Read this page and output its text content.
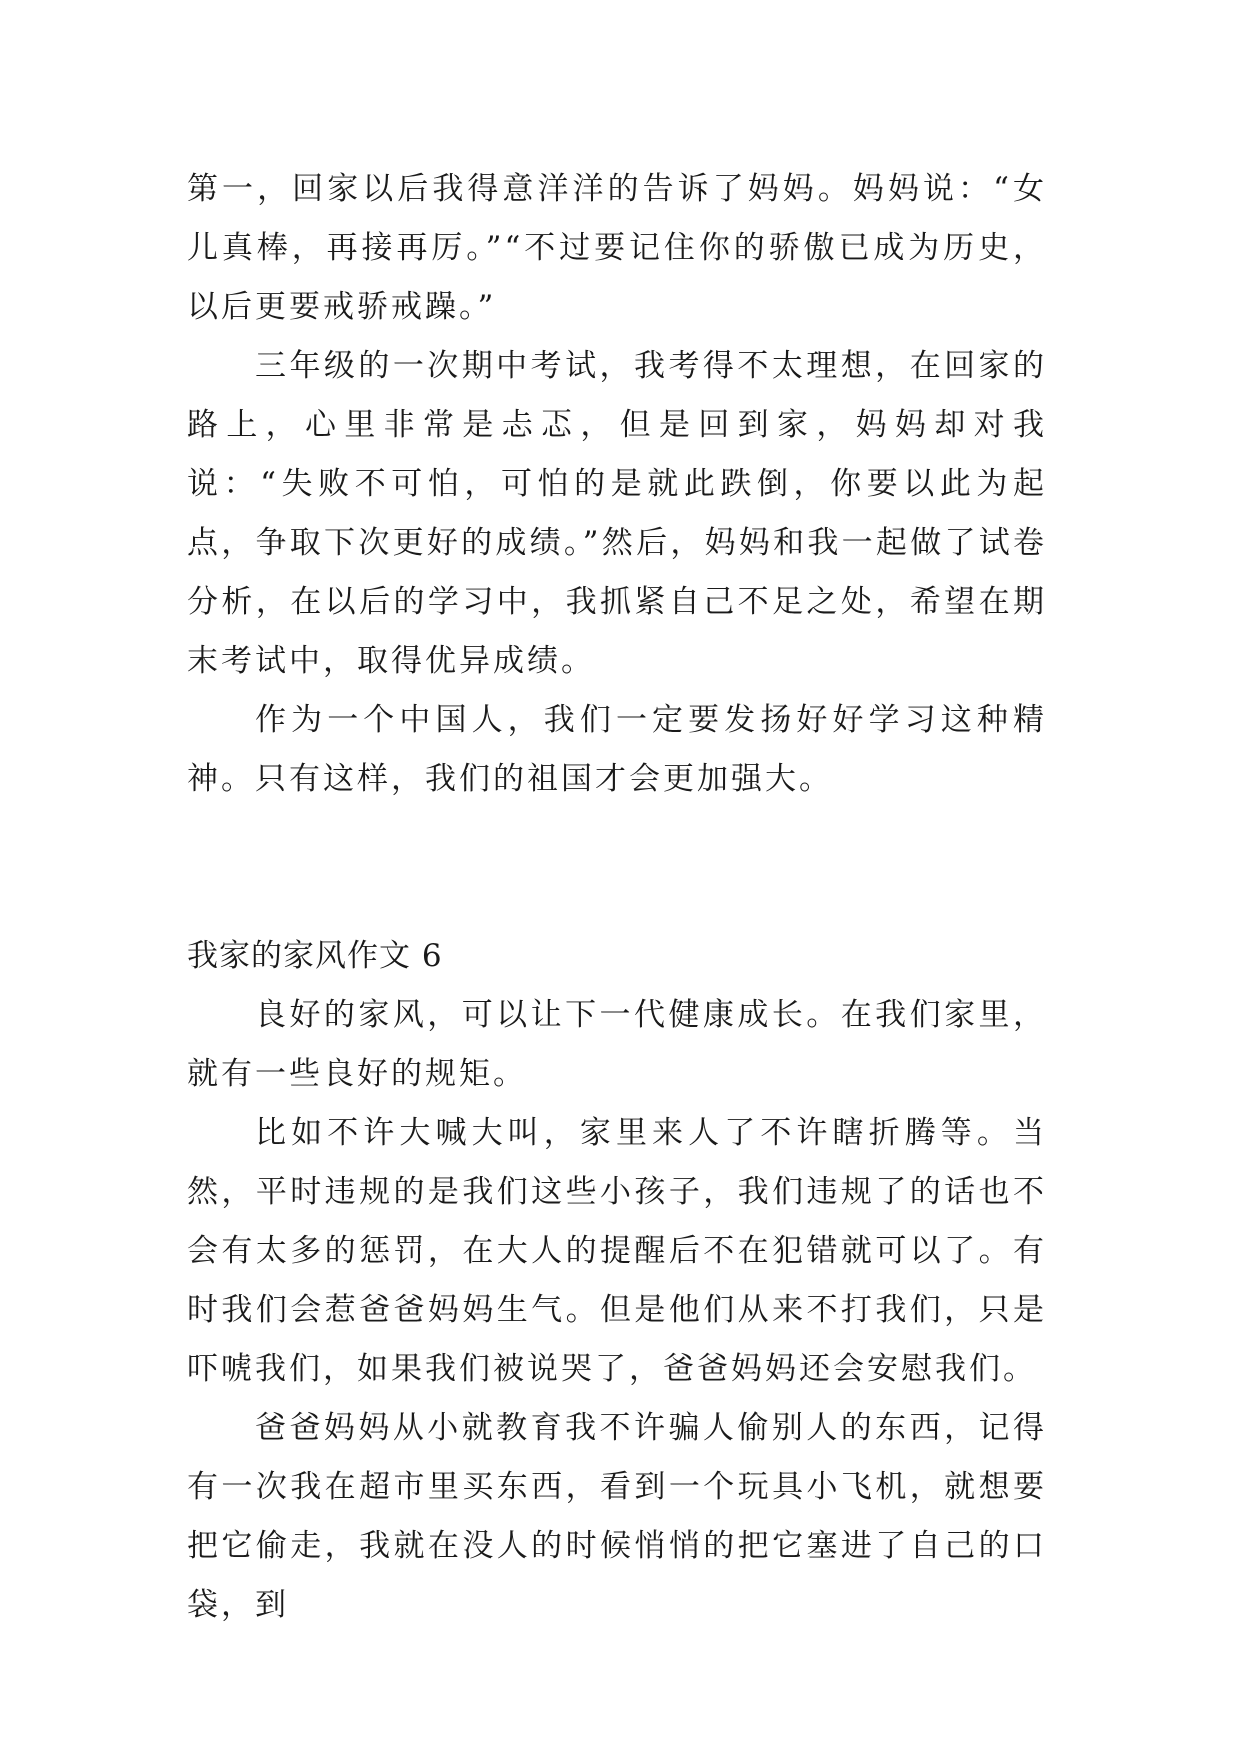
第一，回家以后我得意洋洋的告诉了妈妈。妈妈说：“女儿真棒，再接再厉。”“不过要记住你的骄傲已成为历史，以后更要戒骄戒躁。”

三年级的一次期中考试，我考得不太理想，在回家的路上，心里非常是忐忑，但是回到家，妈妈却对我说：“失败不可怕，可怕的是就此跌倒，你要以此为起点，争取下次更好的成绩。”然后，妈妈和我一起做了试卷分析，在以后的学习中，我抓紧自己不足之处，希望在期末考试中，取得优异成绩。

作为一个中国人，我们一定要发扬好好学习这种精神。只有这样，我们的祖国才会更加强大。

我家的家风作文 6

良好的家风，可以让下一代健康成长。在我们家里，就有一些良好的规矩。

比如不许大喊大叫，家里来人了不许瞎折腾等。当然，平时违规的是我们这些小孩子，我们违规了的话也不会有太多的惩罚，在大人的提醒后不在犯错就可以了。有时我们会惹爸爸妈妈生气。但是他们从来不打我们，只是吓唬我们，如果我们被说哭了，爸爸妈妈还会安慰我们。

爸爸妈妈从小就教育我不许骗人偷别人的东西，记得有一次我在超市里买东西，看到一个玩具小飞机，就想要把它偷走，我就在没人的时候悄悄的把它塞进了自己的口袋，到
